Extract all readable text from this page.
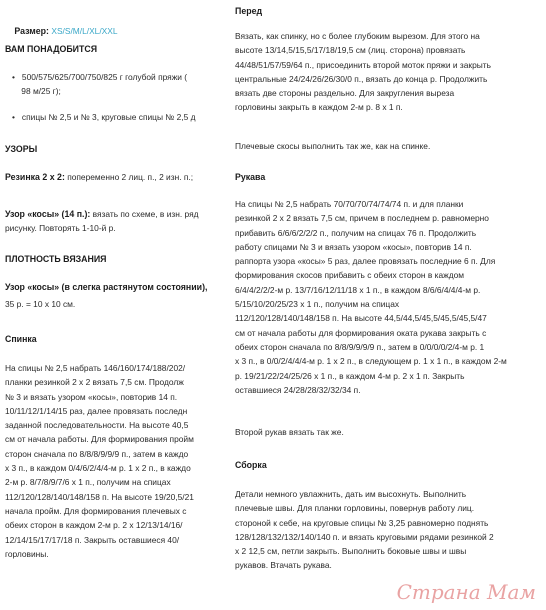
Размер: XS/S/M/L/XL/XXL

ВАМ ПОНАДОБИТСЯ
•   500/575/625/700/750/825 г голубой пряжи (
98 м/25 г);
•   спицы № 2,5 и № 3, круговые спицы № 2,5 д
УЗОРЫ
Резинка 2 х 2: попеременно 2 лиц. п., 2 изн. п.;
Узор «косы» (14 п.): вязать по схеме, в изн. ряд
рисунку. Повторять 1-10-й р.
ПЛОТНОСТЬ ВЯЗАНИЯ
Узор «косы» (в слегка растянутом состоянии),
35 р. = 10 х 10 см.
Спинка
На спицы № 2,5 набрать 146/160/174/188/202/
планки резинкой 2 х 2 вязать 7,5 см. Продолж
№ 3 и вязать узором «косы», повторив 14 п.
10/11/12/1/14/15 раз, далее провязать последн
заданной последовательности. На высоте 40,5
см от начала работы. Для формирования пройм
сторон сначала по 8/8/8/9/9/9 п., затем в каждо
х 3 п., в каждом 0/4/6/2/4/4-м р. 1 х 2 п., в каждо
2-м р. 8/7/8/9/7/6 х 1 п., получим на спицах
112/120/128/140/148/158 п. На высоте 19/20,5/21
начала пройм. Для формирования плечевых с
обеих сторон в каждом 2-м р. 2 х 12/13/14/16/
12/14/15/17/17/18 п. Закрыть оставшиеся 40/
горловины.
Перед
Вязать, как спинку, но с более глубоким вырезом. Для этого на
высоте 13/14,5/15,5/17/18/19,5 см (лиц. сторона) провязать
44/48/51/57/59/64 п., присоединить второй моток пряжи и закрыть
центральные 24/24/26/26/30/0 п., вязать до конца р. Продолжить
вязать две стороны раздельно. Для закругления выреза
горловины закрыть в каждом 2-м р. 8 х 1 п.
Плечевые скосы выполнить так же, как на спинке.
Рукава
На спицы № 2,5 набрать 70/70/70/74/74/74 п. и для планки
резинкой 2 х 2 вязать 7,5 см, причем в последнем р. равномерно
прибавить 6/6/6/2/2/2 п., получим на спицах 76 п. Продолжить
работу спицами № 3 и вязать узором «косы», повторив 14 п.
раппорта узора «косы» 5 раз, далее провязать последние 6 п. Для
формирования скосов прибавить с обеих сторон в каждом
6/4/4/2/2/2-м р. 13/7/16/12/11/18 х 1 п., в каждом 8/6/6/4/4/4-м р.
5/15/10/20/25/23 х 1 п., получим на спицах
112/120/128/140/148/158 п. На высоте 44,5/44,5/45,5/45,5/45,5/47
см от начала работы для формирования оката рукава закрыть с
обеих сторон сначала по 8/8/9/9/9/9 п., затем в 0/0/0/0/2/4-м р. 1
х 3 п., в 0/0/2/4/4/4-м р. 1 х 2 п., в следующем р. 1 х 1 п., в каждом 2-м
р. 19/21/22/24/25/26 х 1 п., в каждом 4-м р. 2 х 1 п. Закрыть
оставшиеся 24/28/28/32/32/34 п.
Второй рукав вязать так же.
Сборка
Детали немного увлажнить, дать им высохнуть. Выполнить
плечевые швы. Для планки горловины, повернув работу лиц.
стороной к себе, на круговые спицы № 3,25 равномерно поднять
128/128/132/132/140/140 п. и вязать круговыми рядами резинкой 2
х 2 12,5 см, петли закрыть. Выполнить боковые швы и швы
рукавов. Втачать рукава.
Страна Мам
